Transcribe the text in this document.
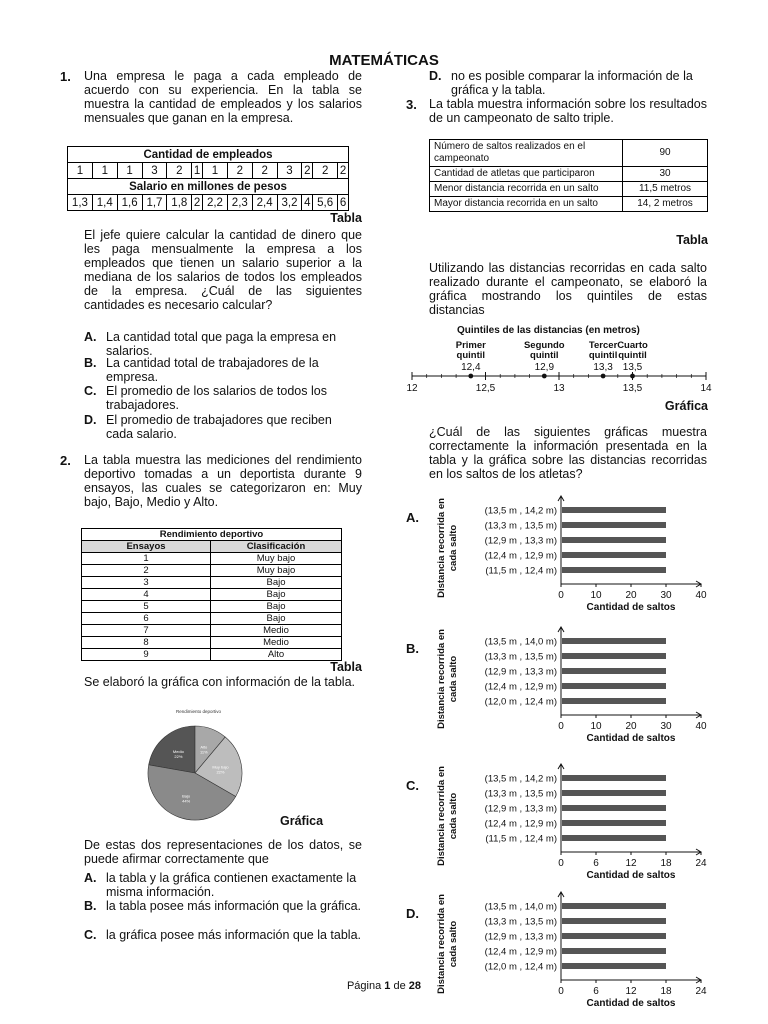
MATEMÁTICAS
1. Una empresa le paga a cada empleado de acuerdo con su experiencia. En la tabla se muestra la cantidad de empleados y los salarios mensuales que ganan en la empresa.
Cantidad de empleados												
1	1	1	3	2	1	1	2	2	3	2	2	2
Salario en millones de pesos												
1,3	1,4	1,6	1,7	1,8	2	2,2	2,3	2,4	3,2	4	5,6	6
Tabla
El jefe quiere calcular la cantidad de dinero que les paga mensualmente la empresa a los empleados que tienen un salario superior a la mediana de los salarios de todos los empleados de la empresa. ¿Cuál de las siguientes cantidades es necesario calcular?
A. La cantidad total que paga la empresa en salarios.
B. La cantidad total de trabajadores de la empresa.
C. El promedio de los salarios de todos los trabajadores.
D. El promedio de trabajadores que reciben cada salario.
2. La tabla muestra las mediciones del rendimiento deportivo tomadas a un deportista durante 9 ensayos, las cuales se categorizaron en: Muy bajo, Bajo, Medio y Alto.
Rendimiento deportivo	
Ensayos	Clasificación
1	Muy bajo
2	Muy bajo
3	Bajo
4	Bajo
5	Bajo
6	Bajo
7	Medio
8	Medio
9	Alto
Tabla
Se elaboró la gráfica con información de la tabla.
Rendimiento deportivo
Medio
22%
Alto
11%
Muy bajo
22%
Bajo
44%
Gráfica
De estas dos representaciones de los datos, se puede afirmar correctamente que
A. la tabla y la gráfica contienen exactamente la misma información.
B. la tabla posee más información que la gráfica.
C. la gráfica posee más información que la tabla.
D. no es posible comparar la información de la gráfica y la tabla.
3. La tabla muestra información sobre los resultados de un campeonato de salto triple.
Número de saltos realizados en el campeonato	90
Cantidad de atletas que participaron	30
Menor distancia recorrida en un salto	11,5 metros
Mayor distancia recorrida en un salto	14, 2 metros
Tabla
Utilizando las distancias recorridas en cada salto realizado durante el campeonato, se elaboró la gráfica mostrando los quintiles de estas distancias
Quintiles de las distancias (en metros)
12	12,5	13	13,5	14
12,4
Primer quintil
12,9
Segundo quintil
13,3
Tercer quintil
13,5
Cuarto quintil
Gráfica
¿Cuál de las siguientes gráficas muestra correctamente la información presentada en la tabla y la gráfica sobre las distancias recorridas en los saltos de los atletas?
A. Distancia recorrida en cada salto
(13,5 m , 14,2 m)
(13,3 m , 13,5 m)
(12,9 m , 13,3 m)
(12,4 m , 12,9 m)
(11,5 m , 12,4 m)
0	10 20 30 40
Cantidad de saltos
B. Distancia recorrida en cada salto
(13,5 m , 14,0 m)
(13,3 m , 13,5 m)
(12,9 m , 13,3 m)
(12,4 m , 12,9 m)
(12,0 m , 12,4 m)
0	10 20 30 40
Cantidad de saltos
C. Distancia recorrida en cada salto
(13,5 m , 14,2 m)
(13,3 m , 13,5 m)
(12,9 m , 13,3 m)
(12,4 m , 12,9 m)
(11,5 m , 12,4 m)
0	6	12 18 24
Cantidad de saltos
D. Distancia recorrida en cada salto
(13,5 m , 14,0 m)
(13,3 m , 13,5 m)
(12,9 m , 13,3 m)
(12,4 m , 12,9 m)
(12,0 m , 12,4 m)
0	6	12 18 24
Cantidad de saltos
Página 1 de 28
